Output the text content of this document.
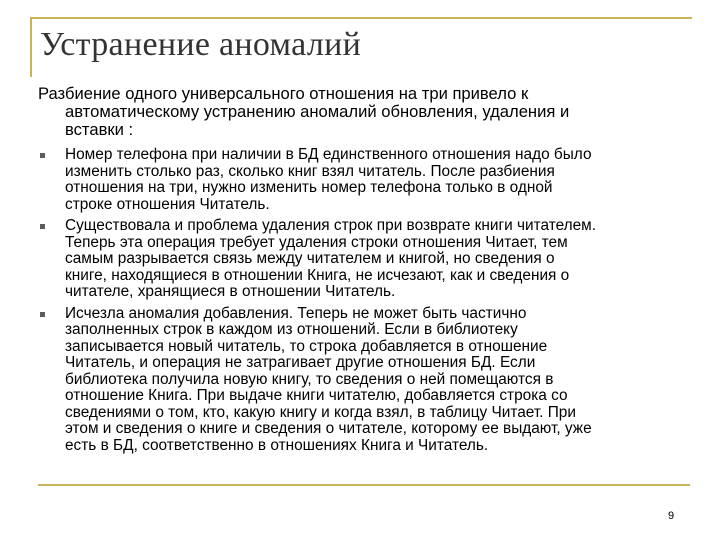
Устранение аномалий
Разбиение одного универсального отношения на три привело к
автоматическому устранению аномалий обновления, удаления и
вставки :
Номер телефона при наличии в БД единственного отношения надо было
изменить столько раз, сколько книг взял читатель. После разбиения
отношения на три, нужно изменить номер телефона только в одной
строке отношения Читатель.
Существовала и проблема удаления строк при возврате книги читателем.
Теперь эта операция требует удаления строки отношения Читает, тем
самым разрывается связь между читателем и книгой, но сведения о
книге, находящиеся в отношении Книга, не исчезают, как и сведения о
читателе, хранящиеся в отношении Читатель.
Исчезла аномалия добавления. Теперь не может быть частично
заполненных строк в каждом из отношений. Если в библиотеку
записывается новый читатель, то строка добавляется в отношение
Читатель, и операция не затрагивает другие отношения БД. Если
библиотека получила новую книгу, то сведения о ней помещаются в
отношение Книга. При выдаче книги читателю, добавляется строка со
сведениями о том, кто, какую книгу и когда взял, в таблицу Читает. При
этом и сведения о книге и сведения о читателе, которому ее выдают, уже
есть в БД, соответственно в отношениях Книга и Читатель.
9
